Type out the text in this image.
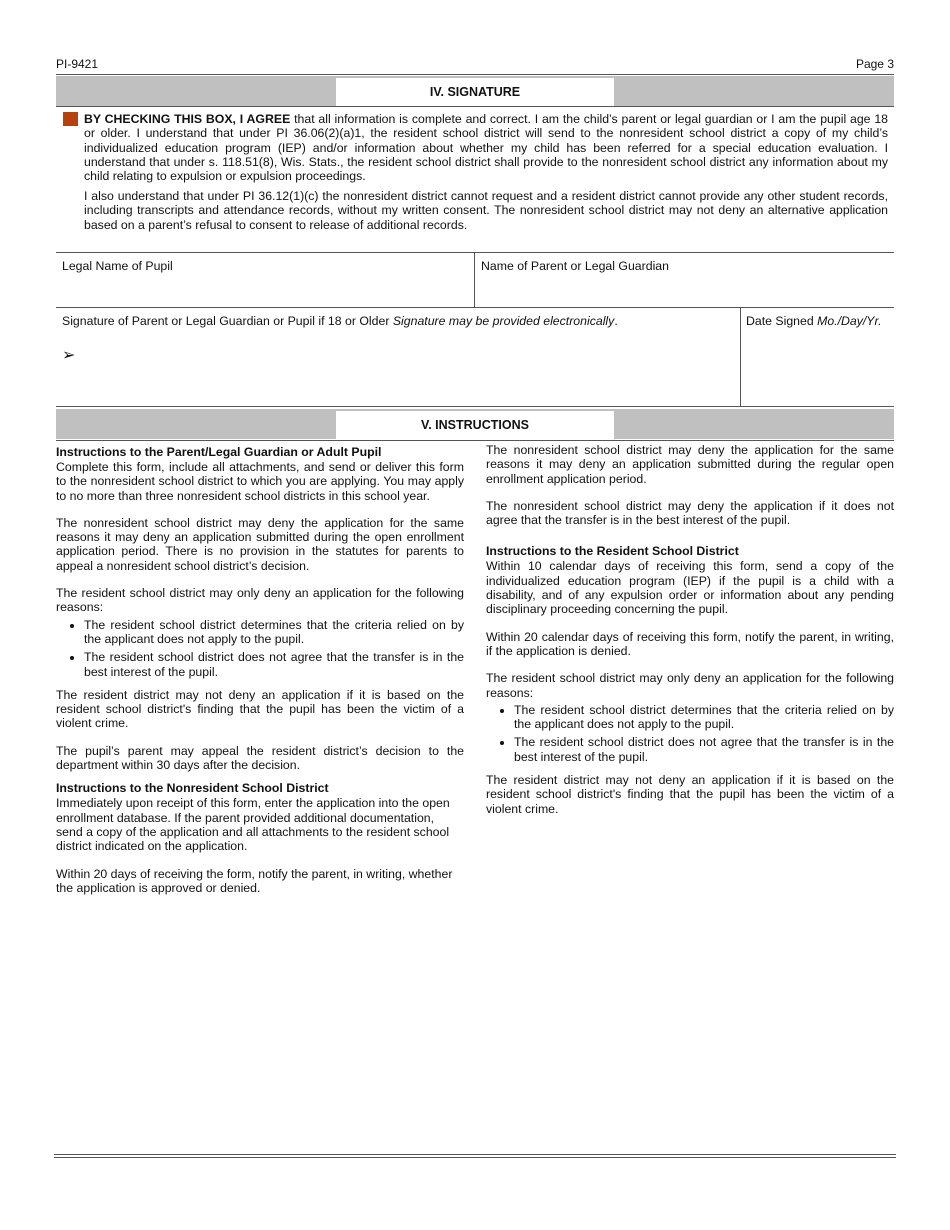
PI-9421	Page 3
IV. SIGNATURE
BY CHECKING THIS BOX, I AGREE that all information is complete and correct. I am the child’s parent or legal guardian or I am the pupil age 18 or older. I understand that under PI 36.06(2)(a)1, the resident school district will send to the nonresident school district a copy of my child’s individualized education program (IEP) and/or information about whether my child has been referred for a special education evaluation. I understand that under s. 118.51(8), Wis. Stats., the resident school district shall provide to the nonresident school district any information about my child relating to expulsion or expulsion proceedings.
I also understand that under PI 36.12(1)(c) the nonresident district cannot request and a resident district cannot provide any other student records, including transcripts and attendance records, without my written consent. The nonresident school district may not deny an alternative application based on a parent’s refusal to consent to release of additional records.
Legal Name of Pupil	Name of Parent or Legal Guardian
Signature of Parent or Legal Guardian or Pupil if 18 or Older Signature may be provided electronically.
➢
Date Signed Mo./Day/Yr.
V. INSTRUCTIONS
Instructions to the Parent/Legal Guardian or Adult Pupil

Complete this form, include all attachments, and send or deliver this form to the nonresident school district to which you are applying. You may apply to no more than three nonresident school districts in this school year.

The nonresident school district may deny the application for the same reasons it may deny an application submitted during the open enrollment application period. There is no provision in the statutes for parents to appeal a nonresident school district’s decision.

The resident school district may only deny an application for the following reasons:

• The resident school district determines that the criteria relied on by the applicant does not apply to the pupil.
• The resident school district does not agree that the transfer is in the best interest of the pupil.

The resident district may not deny an application if it is based on the resident school district's finding that the pupil has been the victim of a violent crime.

The pupil’s parent may appeal the resident district’s decision to the department within 30 days after the decision.

Instructions to the Nonresident School District

Immediately upon receipt of this form, enter the application into the open enrollment database. If the parent provided additional documentation, send a copy of the application and all attachments to the resident school district indicated on the application.

Within 20 days of receiving the form, notify the parent, in writing, whether the application is approved or denied.

The nonresident school district may deny the application for the same reasons it may deny an application submitted during the regular open enrollment application period.

The nonresident school district may deny the application if it does not agree that the transfer is in the best interest of the pupil.

Instructions to the Resident School District

Within 10 calendar days of receiving this form, send a copy of the individualized education program (IEP) if the pupil is a child with a disability, and of any expulsion order or information about any pending disciplinary proceeding concerning the pupil.

Within 20 calendar days of receiving this form, notify the parent, in writing, if the application is denied.

The resident school district may only deny an application for the following reasons:

• The resident school district determines that the criteria relied on by the applicant does not apply to the pupil.
• The resident school district does not agree that the transfer is in the best interest of the pupil.

The resident district may not deny an application if it is based on the resident school district's finding that the pupil has been the victim of a violent crime.
